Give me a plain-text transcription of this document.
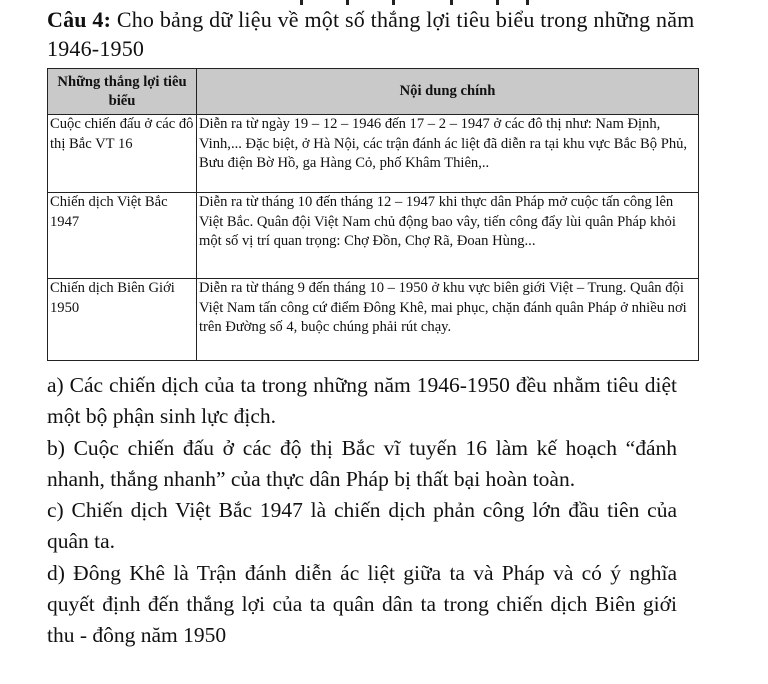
Câu 4: Cho bảng dữ liệu về một số thắng lợi tiêu biểu trong những năm 1946-1950
Những thắng lợi tiêu biểu	Nội dung chính
Cuộc chiến đấu ở các đô thị Bắc VT 16	Diễn ra từ ngày 19 – 12 – 1946 đến 17 – 2 – 1947 ở các đô thị như: Nam Định, Vinh,... Đặc biệt, ở Hà Nội, các trận đánh ác liệt đã diễn ra tại khu vực Bắc Bộ Phủ, Bưu điện Bờ Hồ, ga Hàng Cỏ, phố Khâm Thiên,..
Chiến dịch Việt Bắc 1947	Diễn ra từ tháng 10 đến tháng 12 – 1947 khi thực dân Pháp mở cuộc tấn công lên Việt Bắc. Quân đội Việt Nam chủ động bao vây, tiến công đẩy lùi quân Pháp khỏi một số vị trí quan trọng: Chợ Đồn, Chợ Rã, Đoan Hùng...
Chiến dịch Biên Giới 1950	Diễn ra từ tháng 9 đến tháng 10 – 1950 ở khu vực biên giới Việt – Trung. Quân đội Việt Nam tấn công cứ điểm Đông Khê, mai phục, chặn đánh quân Pháp ở nhiều nơi trên Đường số 4, buộc chúng phải rút chạy.

a) Các chiến dịch của ta trong những năm 1946-1950 đều nhằm tiêu diệt một bộ phận sinh lực địch.

b) Cuộc chiến đấu ở các độ thị Bắc vĩ tuyến 16 làm kế hoạch “đánh nhanh, thắng nhanh” của thực dân Pháp bị thất bại hoàn toàn.

c) Chiến dịch Việt Bắc 1947 là chiến dịch phản công lớn đầu tiên của quân ta.

d) Đông Khê là Trận đánh diễn ác liệt giữa ta và Pháp và có ý nghĩa quyết định đến thắng lợi của ta quân dân ta trong chiến dịch Biên giới thu - đông năm 1950
